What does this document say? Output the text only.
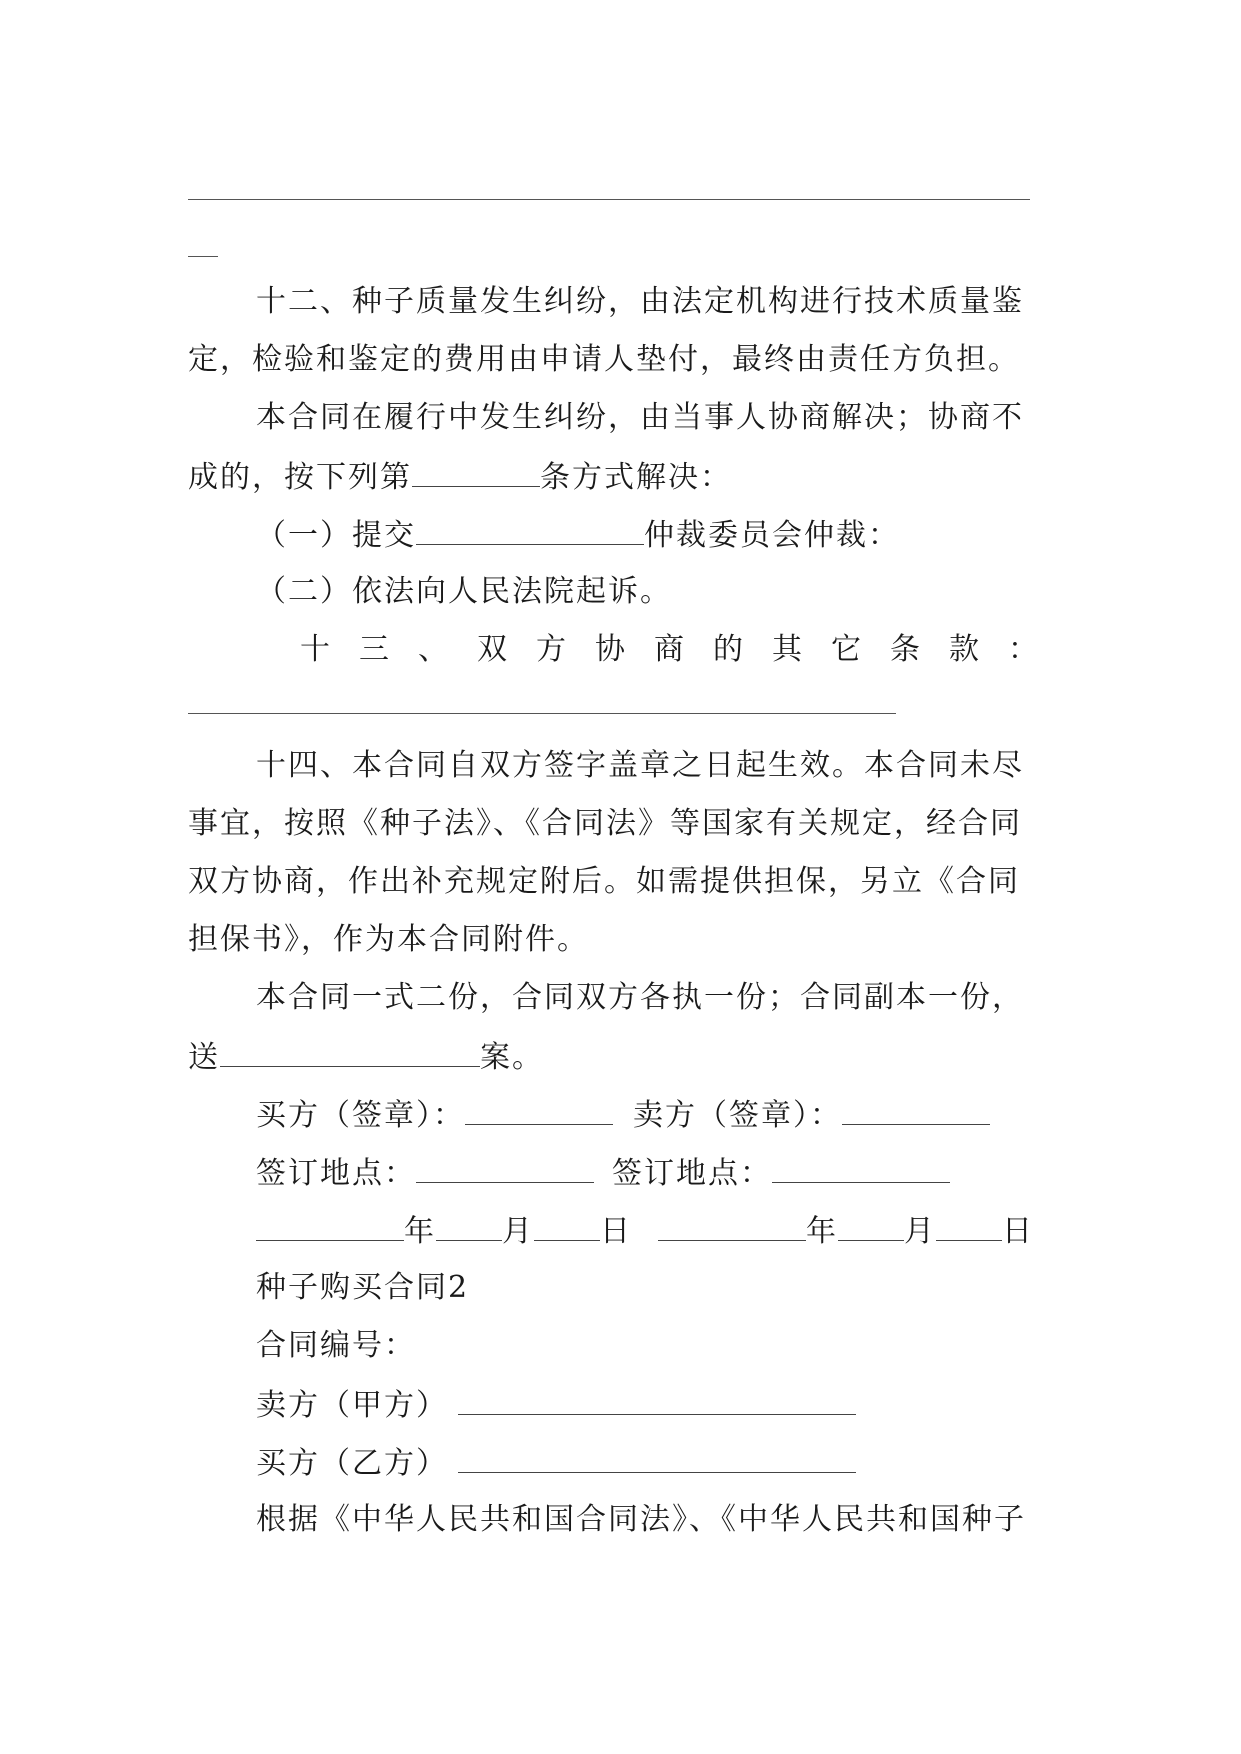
十二、种子质量发生纠纷，由法定机构进行技术质量鉴
定，检验和鉴定的费用由申请人垫付，最终由责任方负担。
本合同在履行中发生纠纷，由当事人协商解决；协商不
成的，按下列第	条方式解决：
（一）提交	仲裁委员会仲裁：
（二）依法向人民法院起诉。
十三、双方协商的其它条款：
十四、本合同自双方签字盖章之日起生效。本合同未尽
事宜，按照《种子法》、《合同法》等国家有关规定，经合同
双方协商，作出补充规定附后。如需提供担保，另立《合同
担保书》，作为本合同附件。
本合同一式二份，合同双方各执一份；合同副本一份，
送	案。
买方（签章）：	卖方（签章）：
签订地点：	签订地点：
年 月 日	年 月 日
种子购买合同2
合同编号：
卖方（甲方）
买方（乙方）
根据《中华人民共和国合同法》、《中华人民共和国种子
